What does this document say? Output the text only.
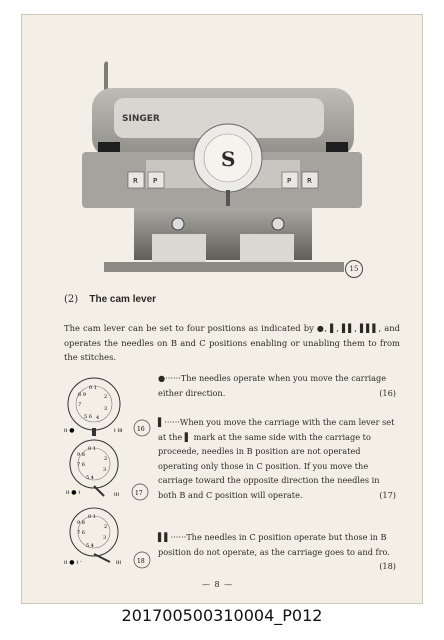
SINGER
R P	P R
S
15
(2) The cam lever
The cam lever can be set to four positions as indicated by ●, ▌, ▌▌, ▌▌▌, and operates the needles on B and C positions enabling or unabling them to from the stitches.
0 1
2
3
4
5 6
7
8 9
ıı ●	ı ııı 16
0 1
2
3
5 4
7 6
9 8
ıı ● ı	ııı	17
0 1
2
3
5 4
7 6
9 8
ıı ● ı ·	ııı	18

●······The needles operate when you move the carriage either direction.	(16)

▌······When you move the carriage with the cam lever set at the ▌ mark at the same side with the carriage to proceede, needles in B position are not operated operating only those in C position. If you move the carriage toward the opposite direction the needles in both B and C position will operate.	(17)

▌▌······The needles in C position operate but those in B position do not operate, as the carriage goes to and fro.
(18)

— 8 —
201700500310004_P012
